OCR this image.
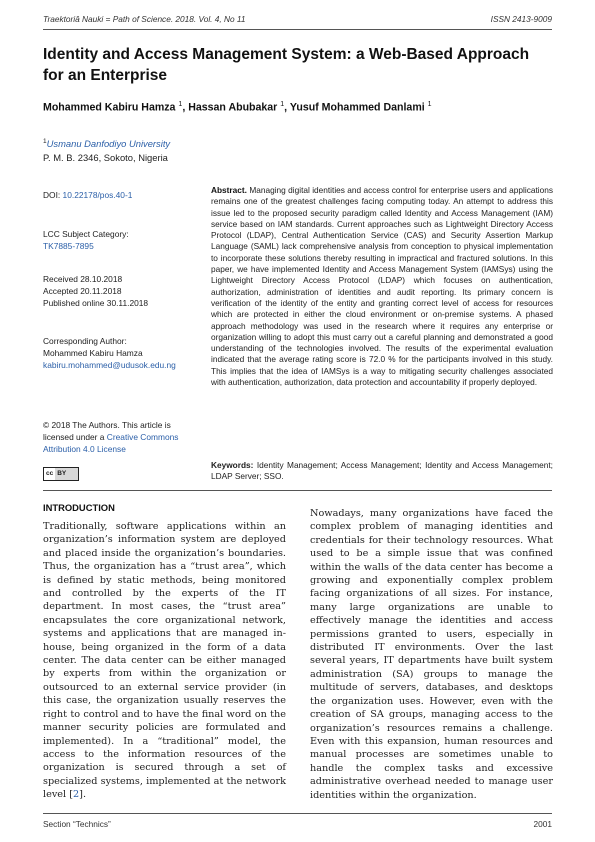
Traektoriâ Nauki = Path of Science. 2018. Vol. 4, No 11	ISSN 2413-9009
Identity and Access Management System: a Web-Based Approach for an Enterprise
Mohammed Kabiru Hamza $^1$, Hassan Abubakar $^1$, Yusuf Mohammed Danlami $^1$
$^1$Usmanu Danfodiyo University
P. M. B. 2346, Sokoto, Nigeria
DOI: 10.22178/pos.40-1
LCC Subject Category:
TK7885-7895
Received 28.10.2018
Accepted 20.11.2018
Published online 30.11.2018
Corresponding Author:
Mohammed Kabiru Hamza
kabiru.mohammed@udusok.edu.ng
© 2018 The Authors. This article is licensed under a Creative Commons Attribution 4.0 License
cc BY
Abstract. Managing digital identities and access control for enterprise users and applications remains one of the greatest challenges facing computing today. An attempt to address this issue led to the proposed security paradigm called Identity and Access Management (IAM) service based on IAM standards. Current approaches such as Lightweight Directory Access Protocol (LDAP), Central Authentication Service (CAS) and Security Assertion Markup Language (SAML) lack comprehensive analysis from conception to physical implementation to incorporate these solutions thereby resulting in impractical and fractured solutions. In this paper, we have implemented Identity and Access Management System (IAMSys) using the Lightweight Directory Access Protocol (LDAP) which focuses on authentication, authorization, administration of identities and audit reporting. Its primary concern is verification of the identity of the entity and granting correct level of access for resources which are protected in either the cloud environment or on-premise systems. A phased approach methodology was used in the research where it requires any enterprise or organization willing to adopt this must carry out a careful planning and demonstrated a good understanding of the technologies involved. The results of the experimental evaluation indicated that the average rating score is 72.0 % for the participants involved in this study. This implies that the idea of IAMSys is a way to mitigating security challenges associated with authentication, authorization, data protection and accountability if properly deployed.
Keywords: Identity Management; Access Management; Identity and Access Management; LDAP Server; SSO.
INTRODUCTION
Traditionally, software applications within an organization’s information system are deployed and placed inside the organization’s boundaries. Thus, the organization has a “trust area”, which is defined by static methods, being monitored and controlled by the experts of the IT department. In most cases, the “trust area” encapsulates the core organizational network, systems and applications that are managed in-house, being organized in the form of a data center. The data center can be either managed by experts from within the organization or outsourced to an external service provider (in this case, the organization usually reserves the right to control and to have the final word on the manner security policies are formulated and implemented). In a “traditional” model, the access to the information resources of the organization is secured through a set of specialized systems, implemented at the network level [2].
Nowadays, many organizations have faced the complex problem of managing identities and credentials for their technology resources. What used to be a simple issue that was confined within the walls of the data center has become a growing and exponentially complex problem facing organizations of all sizes. For instance, many large organizations are unable to effectively manage the identities and access permissions granted to users, especially in distributed IT environments. Over the last several years, IT departments have built system administration (SA) groups to manage the multitude of servers, databases, and desktops the organization uses. However, even with the creation of SA groups, managing access to the organization’s resources remains a challenge. Even with this expansion, human resources and manual processes are sometimes unable to handle the complex tasks and excessive administrative overhead needed to manage user identities within the organization.
Section “Technics”	2001
